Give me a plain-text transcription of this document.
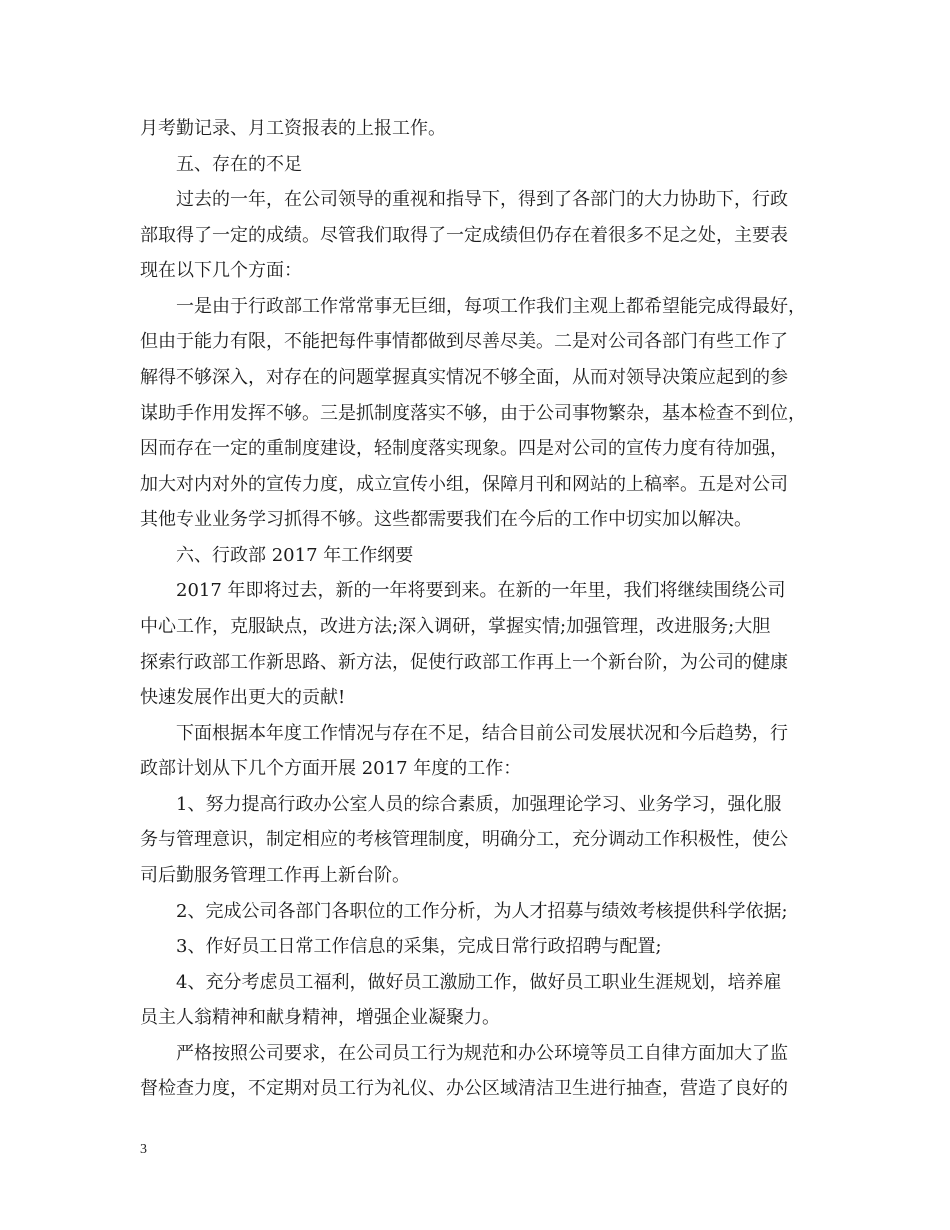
月考勤记录、月工资报表的上报工作。
五、存在的不足
过去的一年，在公司领导的重视和指导下，得到了各部门的大力协助下，行政
部取得了一定的成绩。尽管我们取得了一定成绩但仍存在着很多不足之处，主要表
现在以下几个方面：
一是由于行政部工作常常事无巨细，每项工作我们主观上都希望能完成得最好，
但由于能力有限，不能把每件事情都做到尽善尽美。二是对公司各部门有些工作了
解得不够深入，对存在的问题掌握真实情况不够全面，从而对领导决策应起到的参
谋助手作用发挥不够。三是抓制度落实不够，由于公司事物繁杂，基本检查不到位，
因而存在一定的重制度建设，轻制度落实现象。四是对公司的宣传力度有待加强，
加大对内对外的宣传力度，成立宣传小组，保障月刊和网站的上稿率。五是对公司
其他专业业务学习抓得不够。这些都需要我们在今后的工作中切实加以解决。
六、行政部 2017 年工作纲要
2017 年即将过去，新的一年将要到来。在新的一年里，我们将继续围绕公司
中心工作，克服缺点，改进方法;深入调研，掌握实情;加强管理，改进服务;大胆
探索行政部工作新思路、新方法，促使行政部工作再上一个新台阶，为公司的健康
快速发展作出更大的贡献!
下面根据本年度工作情况与存在不足，结合目前公司发展状况和今后趋势，行
政部计划从下几个方面开展 2017 年度的工作：
1、努力提高行政办公室人员的综合素质，加强理论学习、业务学习，强化服
务与管理意识，制定相应的考核管理制度，明确分工，充分调动工作积极性，使公
司后勤服务管理工作再上新台阶。
2、完成公司各部门各职位的工作分析，为人才招募与绩效考核提供科学依据;
3、作好员工日常工作信息的采集，完成日常行政招聘与配置;
4、充分考虑员工福利，做好员工激励工作，做好员工职业生涯规划，培养雇
员主人翁精神和献身精神，增强企业凝聚力。
严格按照公司要求，在公司员工行为规范和办公环境等员工自律方面加大了监
督检查力度，不定期对员工行为礼仪、办公区域清洁卫生进行抽查，营造了良好的
3
